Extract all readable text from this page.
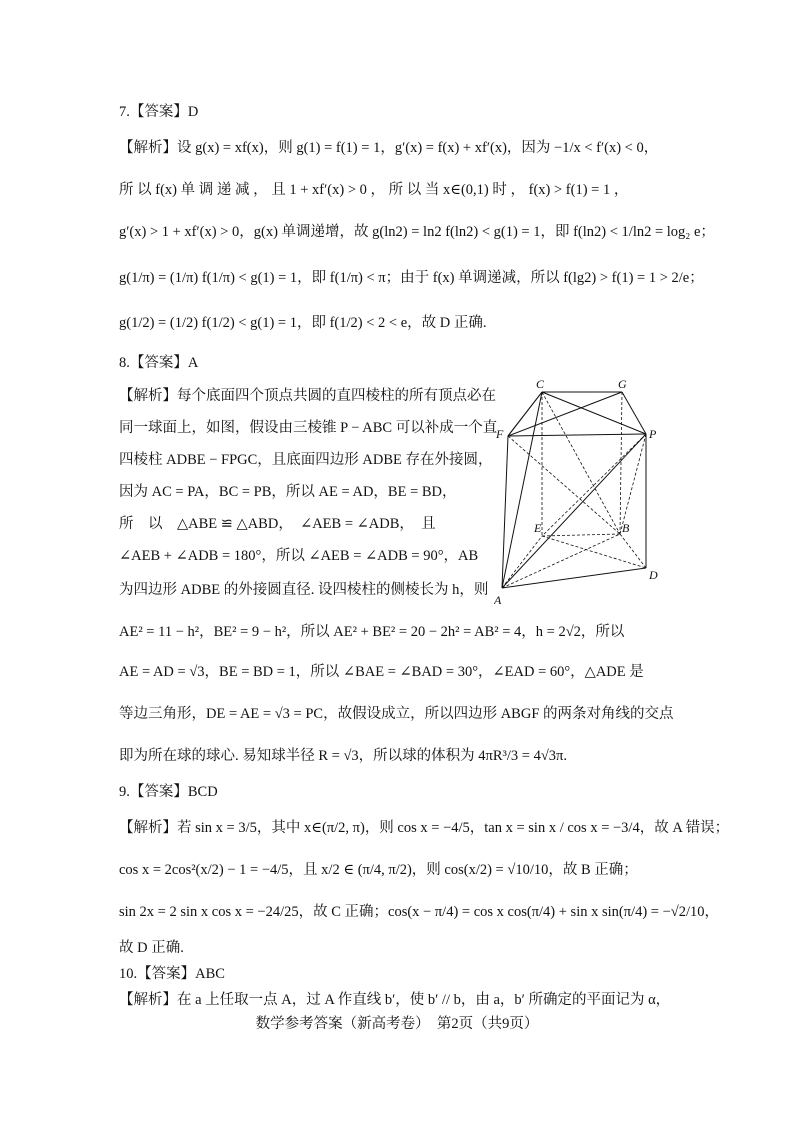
7.【答案】D
【解析】设 g(x) = xf(x)，则 g(1) = f(1) = 1，g′(x) = f(x) + xf′(x)，因为 −1/x < f′(x) < 0，
所 以 f(x) 单 调 递 减 ， 且 1 + xf′(x) > 0 ， 所 以 当 x∈(0,1) 时 ， f(x) > f(1) = 1 ，
g′(x) > 1 + xf′(x) > 0，g(x) 单调递增，故 g(ln2) = ln2 f(ln2) < g(1) = 1，即 f(ln2) < 1/ln2 = log₂ e；
g(1/π) = (1/π) f(1/π) < g(1) = 1，即 f(1/π) < π；由于 f(x) 单调递减，所以 f(lg2) > f(1) = 1 > 2/e；
g(1/2) = (1/2) f(1/2) < g(1) = 1，即 f(1/2) < 2 < e，故 D 正确.
8.【答案】A
【解析】每个底面四个顶点共圆的直四棱柱的所有顶点必在
同一球面上，如图，假设由三棱锥 P − ABC 可以补成一个直
四棱柱 ADBE − FPGC，且底面四边形 ADBE 存在外接圆，
因为 AC = PA，BC = PB，所以 AE = AD，BE = BD，
所　以　△ABE ≌ △ABD，　∠AEB = ∠ADB，　且
∠AEB + ∠ADB = 180°，所以 ∠AEB = ∠ADB = 90°，AB
为四边形 ADBE 的外接圆直径. 设四棱柱的侧棱长为 h，则
AE² = 11 − h²，BE² = 9 − h²，所以 AE² + BE² = 20 − 2h² = AB² = 4，h = 2√2，所以
AE = AD = √3，BE = BD = 1，所以 ∠BAE = ∠BAD = 30°，∠EAD = 60°，△ADE 是
等边三角形，DE = AE = √3 = PC，故假设成立，所以四边形 ABGF 的两条对角线的交点
即为所在球的球心. 易知球半径 R = √3，所以球的体积为 4πR³/3 = 4√3π.
C	G
F	P
E	B
D
A
9.【答案】BCD
【解析】若 sin x = 3/5，其中 x∈(π/2, π)，则 cos x = −4/5，tan x = sin x / cos x = −3/4，故 A 错误；
cos x = 2cos²(x/2) − 1 = −4/5，且 x/2 ∈ (π/4, π/2)，则 cos(x/2) = √10/10，故 B 正确；
sin 2x = 2 sin x cos x = −24/25，故 C 正确；cos(x − π/4) = cos x cos(π/4) + sin x sin(π/4) = −√2/10，
故 D 正确.
10.【答案】ABC
【解析】在 a 上任取一点 A，过 A 作直线 b′，使 b′ // b，由 a，b′ 所确定的平面记为 α，
数学参考答案（新高考卷）　第2页（共9页）
